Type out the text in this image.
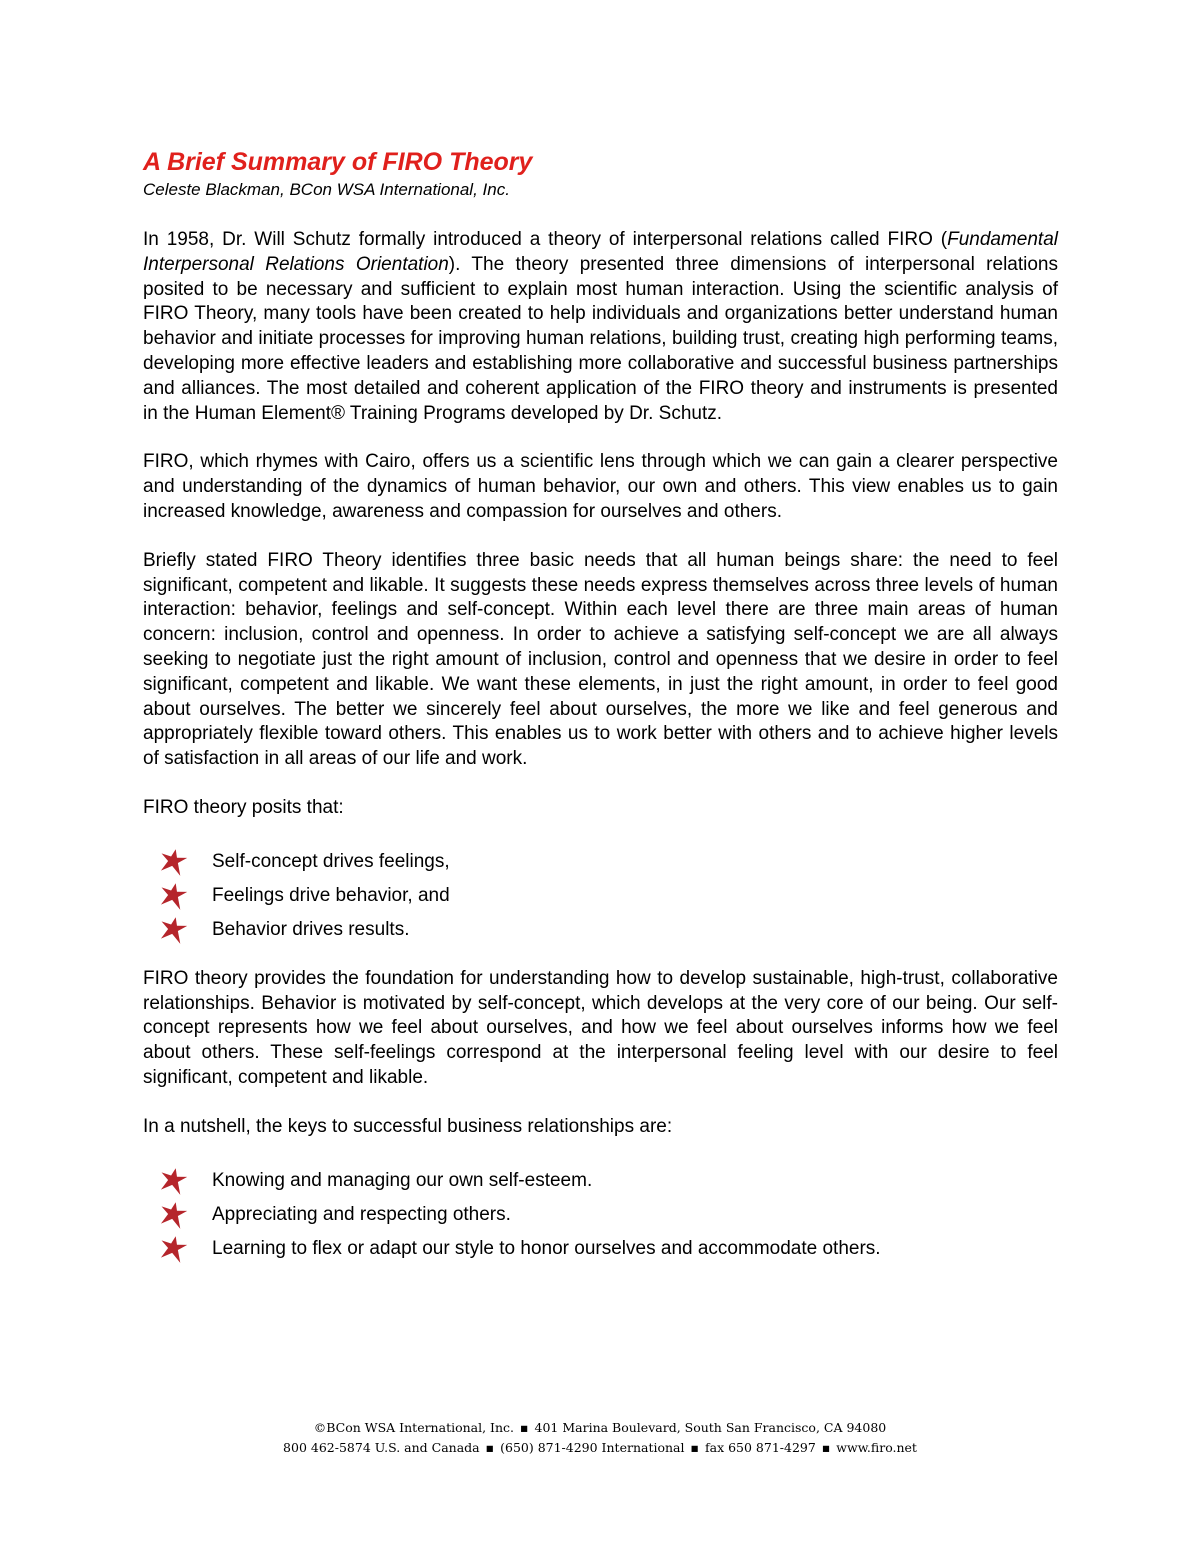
A Brief Summary of FIRO Theory

Celeste Blackman, BCon WSA International, Inc.

In 1958, Dr. Will Schutz formally introduced a theory of interpersonal relations called FIRO (Fundamental Interpersonal Relations Orientation). The theory presented three dimensions of interpersonal relations posited to be necessary and sufficient to explain most human interaction. Using the scientific analysis of FIRO Theory, many tools have been created to help individuals and organizations better understand human behavior and initiate processes for improving human relations, building trust, creating high performing teams, developing more effective leaders and establishing more collaborative and successful business partnerships and alliances. The most detailed and coherent application of the FIRO theory and instruments is presented in the Human Element® Training Programs developed by Dr. Schutz.

FIRO, which rhymes with Cairo, offers us a scientific lens through which we can gain a clearer perspective and understanding of the dynamics of human behavior, our own and others. This view enables us to gain increased knowledge, awareness and compassion for ourselves and others.

Briefly stated FIRO Theory identifies three basic needs that all human beings share: the need to feel significant, competent and likable. It suggests these needs express themselves across three levels of human interaction: behavior, feelings and self-concept. Within each level there are three main areas of human concern: inclusion, control and openness. In order to achieve a satisfying self-concept we are all always seeking to negotiate just the right amount of inclusion, control and openness that we desire in order to feel significant, competent and likable. We want these elements, in just the right amount, in order to feel good about ourselves. The better we sincerely feel about ourselves, the more we like and feel generous and appropriately flexible toward others. This enables us to work better with others and to achieve higher levels of satisfaction in all areas of our life and work.

FIRO theory posits that:

Self-concept drives feelings,
Feelings drive behavior, and
Behavior drives results.

FIRO theory provides the foundation for understanding how to develop sustainable, high-trust, collaborative relationships. Behavior is motivated by self-concept, which develops at the very core of our being. Our self-concept represents how we feel about ourselves, and how we feel about ourselves informs how we feel about others. These self-feelings correspond at the interpersonal feeling level with our desire to feel significant, competent and likable.

In a nutshell, the keys to successful business relationships are:

Knowing and managing our own self-esteem.
Appreciating and respecting others.
Learning to flex or adapt our style to honor ourselves and accommodate others.
©BCon WSA International, Inc. ▪ 401 Marina Boulevard, South San Francisco, CA 94080
800 462-5874 U.S. and Canada ▪ (650) 871-4290 International ▪ fax 650 871-4297 ▪ www.firo.net
